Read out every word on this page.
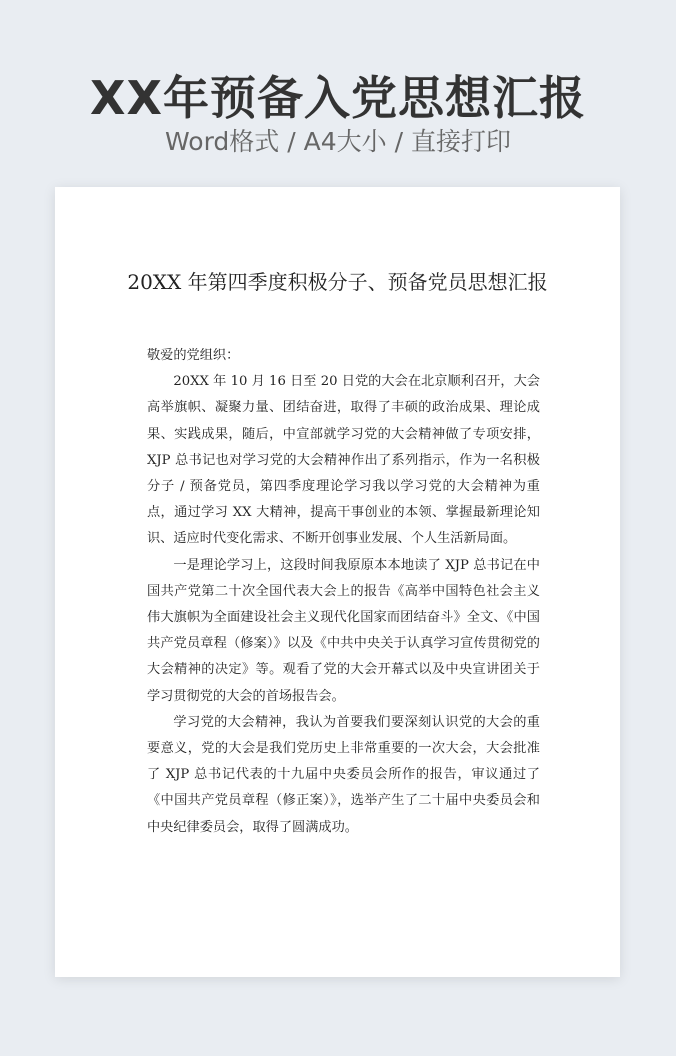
XX年预备入党思想汇报
Word格式 / A4大小 / 直接打印
20XX 年第四季度积极分子、预备党员思想汇报

敬爱的党组织：

20XX 年 10 月 16 日至 20 日党的大会在北京顺利召开，大会高举旗帜、凝聚力量、团结奋进，取得了丰硕的政治成果、理论成果、实践成果，随后，中宣部就学习党的大会精神做了专项安排，XJP 总书记也对学习党的大会精神作出了系列指示，作为一名积极分子 / 预备党员，第四季度理论学习我以学习党的大会精神为重点，通过学习 XX 大精神，提高干事创业的本领、掌握最新理论知识、适应时代变化需求、不断开创事业发展、个人生活新局面。

一是理论学习上，这段时间我原原本本地读了 XJP 总书记在中国共产党第二十次全国代表大会上的报告《高举中国特色社会主义伟大旗帜为全面建设社会主义现代化国家而团结奋斗》全文、《中国共产党员章程（修案）》以及《中共中央关于认真学习宣传贯彻党的大会精神的决定》等。观看了党的大会开幕式以及中央宣讲团关于学习贯彻党的大会的首场报告会。

学习党的大会精神，我认为首要我们要深刻认识党的大会的重要意义，党的大会是我们党历史上非常重要的一次大会，大会批准了 XJP 总书记代表的十九届中央委员会所作的报告，审议通过了《中国共产党员章程（修正案）》，选举产生了二十届中央委员会和中央纪律委员会，取得了圆满成功。
